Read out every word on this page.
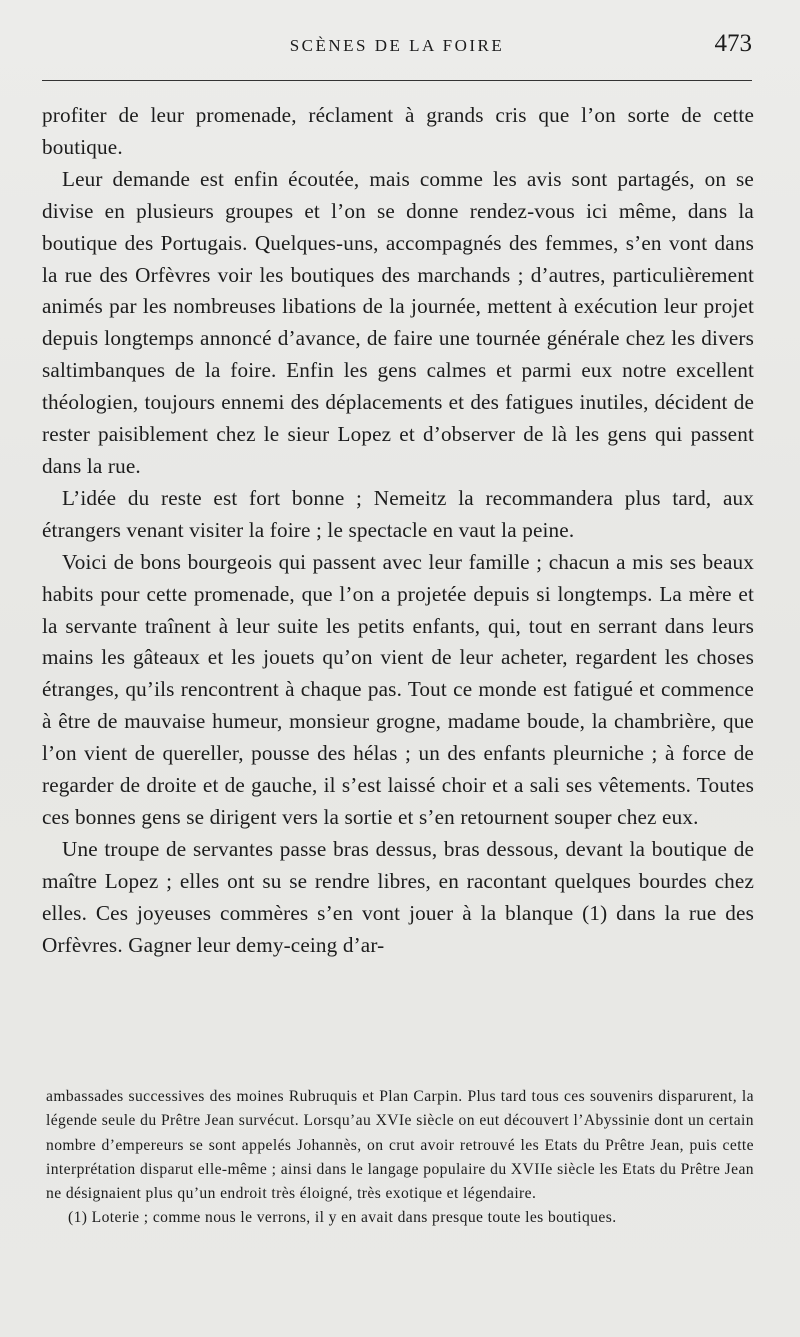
SCÈNES DE LA FOIRE	473

profiter de leur promenade, réclament à grands cris que l’on sorte de cette boutique.

Leur demande est enfin écoutée, mais comme les avis sont partagés, on se divise en plusieurs groupes et l’on se donne rendez-vous ici même, dans la boutique des Portugais. Quelques-uns, accompagnés des femmes, s’en vont dans la rue des Orfèvres voir les boutiques des marchands ; d’autres, particulièrement animés par les nombreuses libations de la journée, mettent à exécution leur projet depuis longtemps annoncé d’avance, de faire une tournée générale chez les divers saltimbanques de la foire. Enfin les gens calmes et parmi eux notre excellent théologien, toujours ennemi des déplacements et des fatigues inutiles, décident de rester paisiblement chez le sieur Lopez et d’observer de là les gens qui passent dans la rue.

L’idée du reste est fort bonne ; Nemeitz la recommandera plus tard, aux étrangers venant visiter la foire ; le spectacle en vaut la peine.

Voici de bons bourgeois qui passent avec leur famille ; chacun a mis ses beaux habits pour cette promenade, que l’on a projetée depuis si longtemps. La mère et la servante traînent à leur suite les petits enfants, qui, tout en serrant dans leurs mains les gâteaux et les jouets qu’on vient de leur acheter, regardent les choses étranges, qu’ils rencontrent à chaque pas. Tout ce monde est fatigué et commence à être de mauvaise humeur, monsieur grogne, madame boude, la chambrière, que l’on vient de quereller, pousse des hélas ; un des enfants pleurniche ; à force de regarder de droite et de gauche, il s’est laissé choir et a sali ses vêtements. Toutes ces bonnes gens se dirigent vers la sortie et s’en retournent souper chez eux.

Une troupe de servantes passe bras dessus, bras dessous, devant la boutique de maître Lopez ; elles ont su se rendre libres, en racontant quelques bourdes chez elles. Ces joyeuses commères s’en vont jouer à la blanque (1) dans la rue des Orfèvres. Gagner leur demy-ceing d’ar-

ambassades successives des moines Rubruquis et Plan Carpin. Plus tard tous ces souvenirs disparurent, la légende seule du Prêtre Jean survécut. Lorsqu’au XVIe siècle on eut découvert l’Abyssinie dont un certain nombre d’empereurs se sont appelés Johannès, on crut avoir retrouvé les Etats du Prêtre Jean, puis cette interprétation disparut elle-même ; ainsi dans le langage populaire du XVIIe siècle les Etats du Prêtre Jean ne désignaient plus qu’un endroit très éloigné, très exotique et légendaire.

(1) Loterie ; comme nous le verrons, il y en avait dans presque toute les boutiques.
